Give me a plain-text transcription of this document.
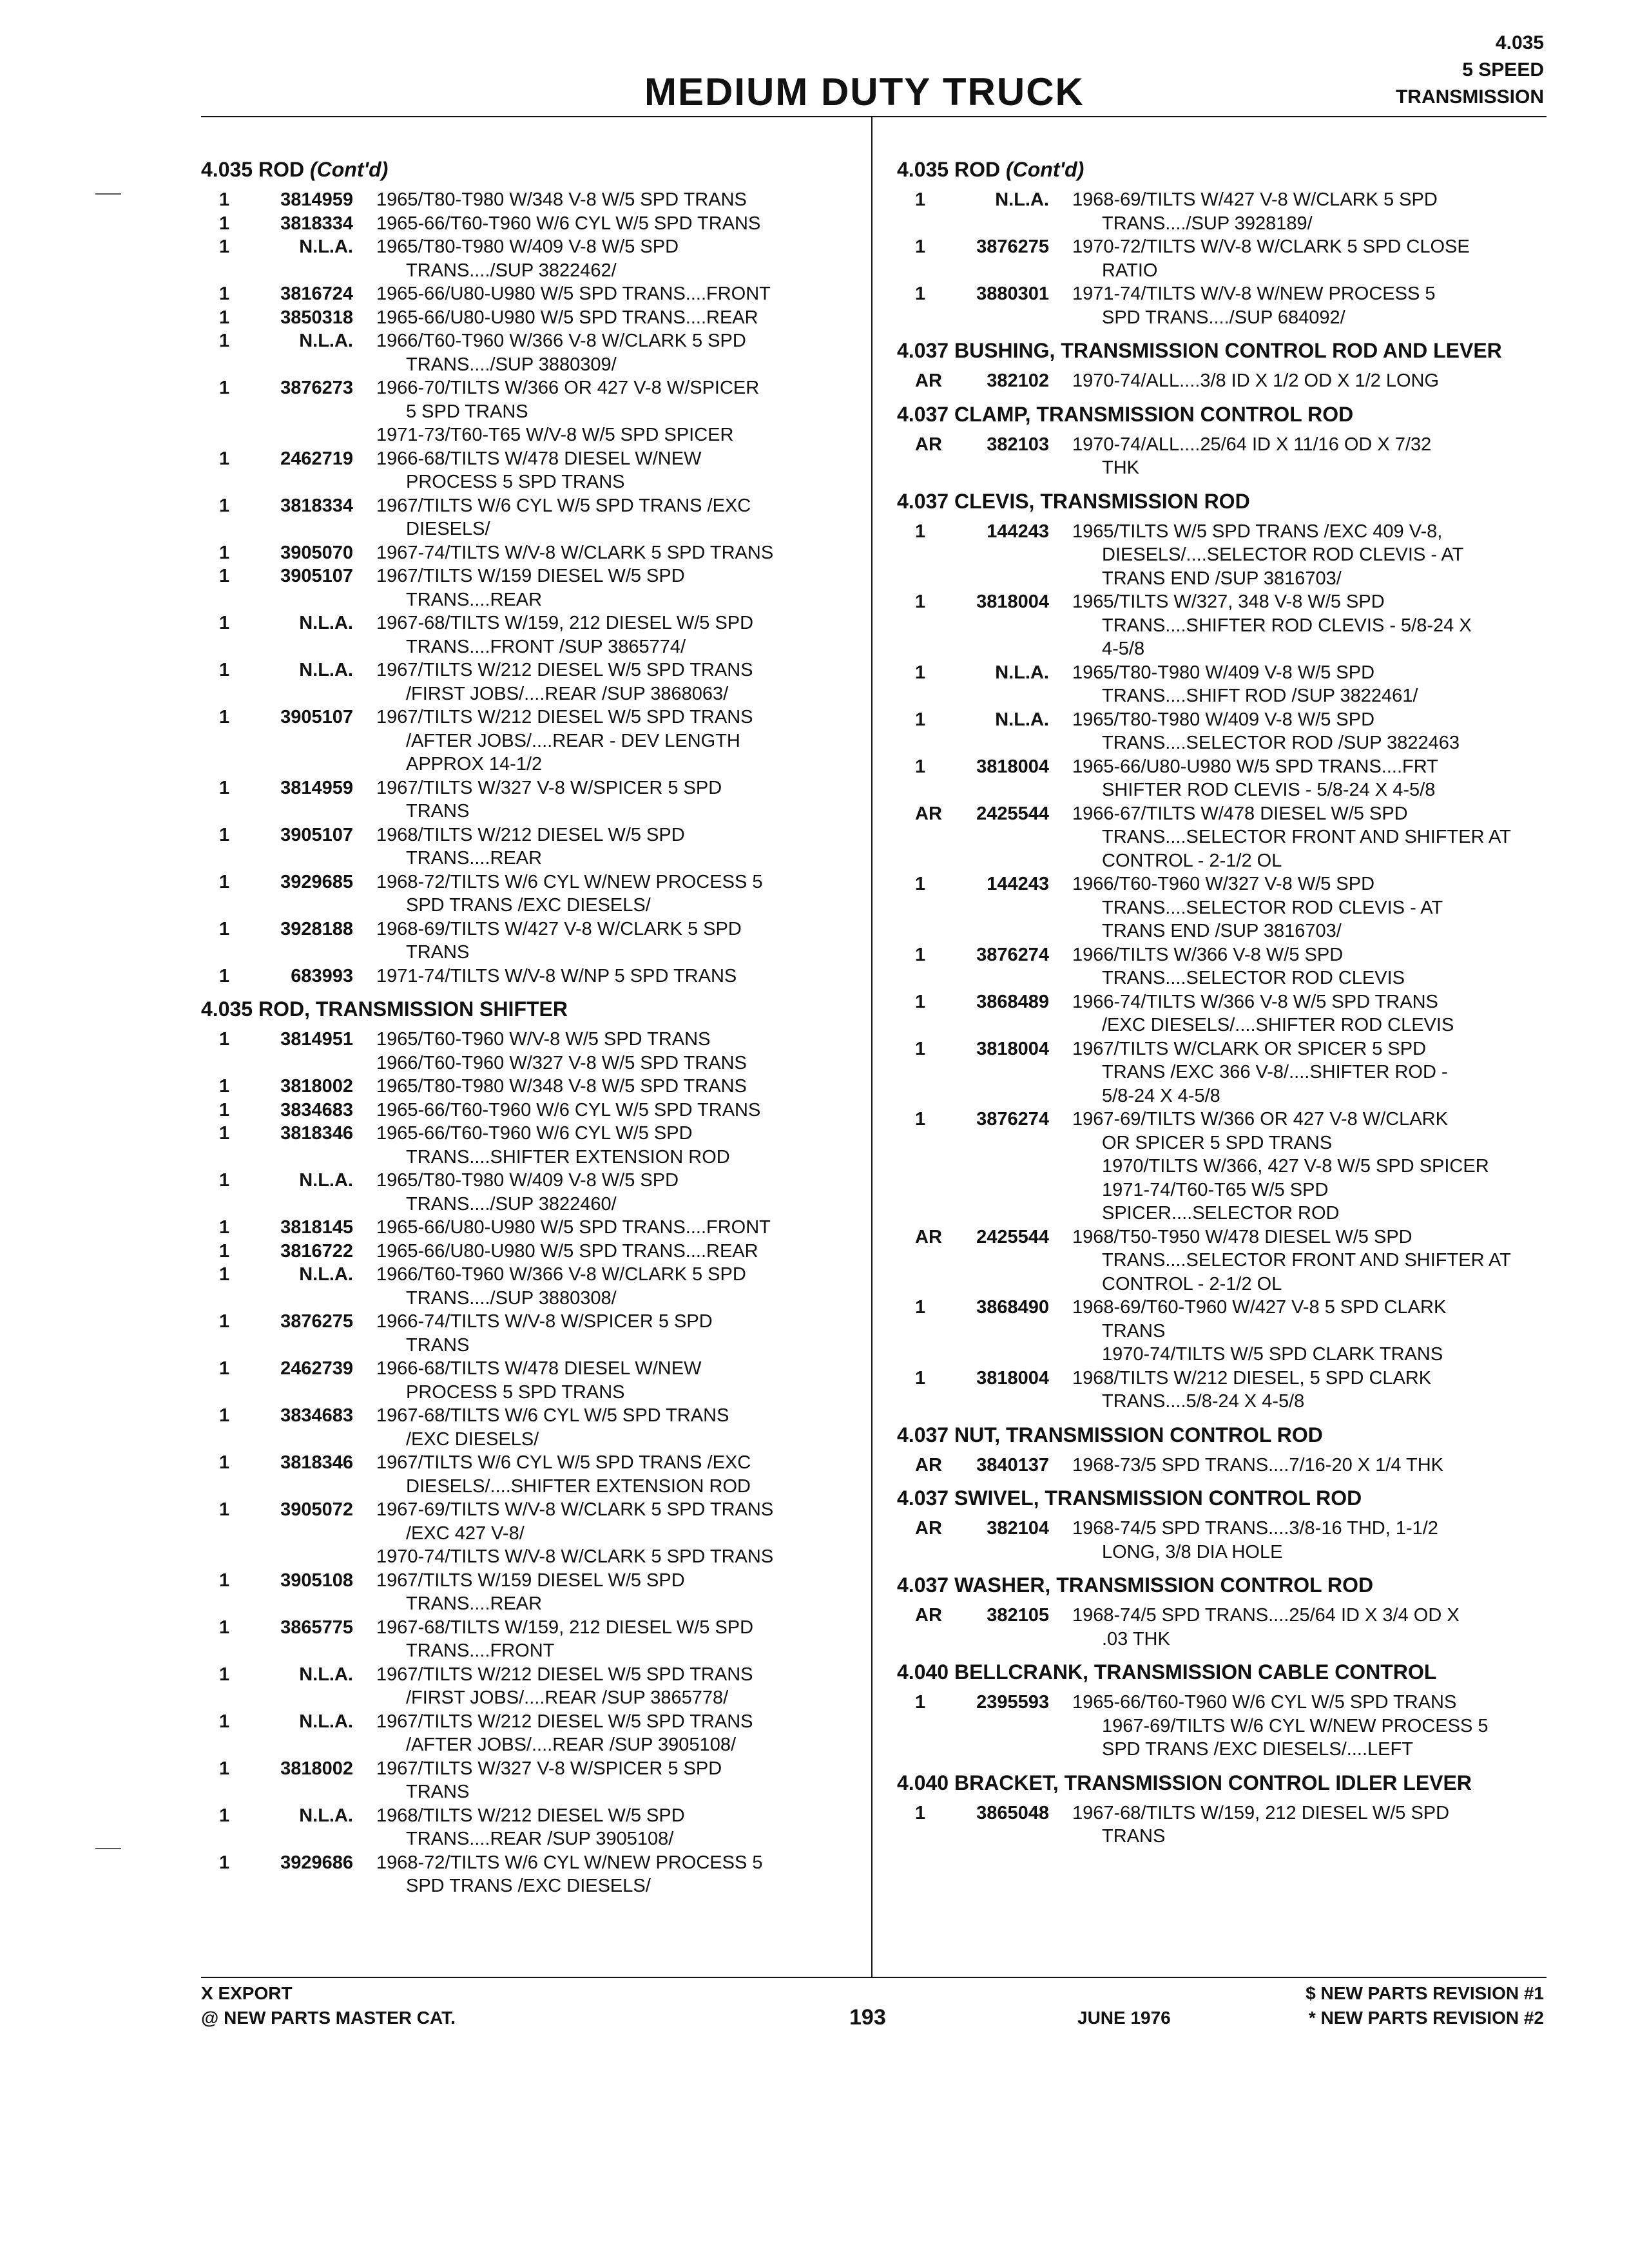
MEDIUM DUTY TRUCK
4.035
5 SPEED
TRANSMISSION
4.035 ROD (Cont'd)
1	3814959 1965/T80-T980 W/348 V-8 W/5 SPD TRANS
1	3818334 1965-66/T60-T960 W/6 CYL W/5 SPD TRANS
1	N.L.A. 1965/T80-T980 W/409 V-8 W/5 SPD
TRANS..../SUP 3822462/
1	3816724 1965-66/U80-U980 W/5 SPD TRANS....FRONT
1	3850318 1965-66/U80-U980 W/5 SPD TRANS....REAR
1	N.L.A. 1966/T60-T960 W/366 V-8 W/CLARK 5 SPD
TRANS..../SUP 3880309/
1	3876273 1966-70/TILTS W/366 OR 427 V-8 W/SPICER
5 SPD TRANS
1971-73/T60-T65 W/V-8 W/5 SPD SPICER
1	2462719 1966-68/TILTS W/478 DIESEL W/NEW
PROCESS 5 SPD TRANS
1	3818334 1967/TILTS W/6 CYL W/5 SPD TRANS /EXC
DIESELS/
1	3905070 1967-74/TILTS W/V-8 W/CLARK 5 SPD TRANS
1	3905107 1967/TILTS W/159 DIESEL W/5 SPD
TRANS....REAR
1	N.L.A. 1967-68/TILTS W/159, 212 DIESEL W/5 SPD
TRANS....FRONT /SUP 3865774/
1	N.L.A. 1967/TILTS W/212 DIESEL W/5 SPD TRANS
/FIRST JOBS/....REAR /SUP 3868063/
1	3905107 1967/TILTS W/212 DIESEL W/5 SPD TRANS
/AFTER JOBS/....REAR - DEV LENGTH
APPROX 14-1/2
1	3814959 1967/TILTS W/327 V-8 W/SPICER 5 SPD
TRANS
1	3905107 1968/TILTS W/212 DIESEL W/5 SPD
TRANS....REAR
1	3929685 1968-72/TILTS W/6 CYL W/NEW PROCESS 5
SPD TRANS /EXC DIESELS/
1	3928188 1968-69/TILTS W/427 V-8 W/CLARK 5 SPD
TRANS
1	683993 1971-74/TILTS W/V-8 W/NP 5 SPD TRANS
4.035 ROD, TRANSMISSION SHIFTER
1	3814951 1965/T60-T960 W/V-8 W/5 SPD TRANS
1966/T60-T960 W/327 V-8 W/5 SPD TRANS
1	3818002 1965/T80-T980 W/348 V-8 W/5 SPD TRANS
1	3834683 1965-66/T60-T960 W/6 CYL W/5 SPD TRANS
1	3818346 1965-66/T60-T960 W/6 CYL W/5 SPD
TRANS....SHIFTER EXTENSION ROD
1	N.L.A. 1965/T80-T980 W/409 V-8 W/5 SPD
TRANS..../SUP 3822460/
1	3818145 1965-66/U80-U980 W/5 SPD TRANS....FRONT
1	3816722 1965-66/U80-U980 W/5 SPD TRANS....REAR
1	N.L.A. 1966/T60-T960 W/366 V-8 W/CLARK 5 SPD
TRANS..../SUP 3880308/
1	3876275 1966-74/TILTS W/V-8 W/SPICER 5 SPD
TRANS
1	2462739 1966-68/TILTS W/478 DIESEL W/NEW
PROCESS 5 SPD TRANS
1	3834683 1967-68/TILTS W/6 CYL W/5 SPD TRANS
/EXC DIESELS/
1	3818346 1967/TILTS W/6 CYL W/5 SPD TRANS /EXC
DIESELS/....SHIFTER EXTENSION ROD
1	3905072 1967-69/TILTS W/V-8 W/CLARK 5 SPD TRANS
/EXC 427 V-8/
1970-74/TILTS W/V-8 W/CLARK 5 SPD TRANS
1	3905108 1967/TILTS W/159 DIESEL W/5 SPD
TRANS....REAR
1	3865775 1967-68/TILTS W/159, 212 DIESEL W/5 SPD
TRANS....FRONT
1	N.L.A. 1967/TILTS W/212 DIESEL W/5 SPD TRANS
/FIRST JOBS/....REAR /SUP 3865778/
1	N.L.A. 1967/TILTS W/212 DIESEL W/5 SPD TRANS
/AFTER JOBS/....REAR /SUP 3905108/
1	3818002 1967/TILTS W/327 V-8 W/SPICER 5 SPD
TRANS
1	N.L.A. 1968/TILTS W/212 DIESEL W/5 SPD
TRANS....REAR /SUP 3905108/
1	3929686 1968-72/TILTS W/6 CYL W/NEW PROCESS 5
SPD TRANS /EXC DIESELS/
4.035 ROD (Cont'd)
1	N.L.A. 1968-69/TILTS W/427 V-8 W/CLARK 5 SPD
TRANS..../SUP 3928189/
1	3876275 1970-72/TILTS W/V-8 W/CLARK 5 SPD CLOSE
RATIO
1	3880301 1971-74/TILTS W/V-8 W/NEW PROCESS 5
SPD TRANS..../SUP 684092/
4.037 BUSHING, TRANSMISSION CONTROL ROD AND LEVER
AR	382102 1970-74/ALL....3/8 ID X 1/2 OD X 1/2 LONG
4.037 CLAMP, TRANSMISSION CONTROL ROD
AR	382103 1970-74/ALL....25/64 ID X 11/16 OD X 7/32
THK
4.037 CLEVIS, TRANSMISSION ROD
1	144243 1965/TILTS W/5 SPD TRANS /EXC 409 V-8,
DIESELS/....SELECTOR ROD CLEVIS - AT
TRANS END /SUP 3816703/
1	3818004 1965/TILTS W/327, 348 V-8 W/5 SPD
TRANS....SHIFTER ROD CLEVIS - 5/8-24 X
4-5/8
1	N.L.A. 1965/T80-T980 W/409 V-8 W/5 SPD
TRANS....SHIFT ROD /SUP 3822461/
1	N.L.A. 1965/T80-T980 W/409 V-8 W/5 SPD
TRANS....SELECTOR ROD /SUP 3822463
1	3818004 1965-66/U80-U980 W/5 SPD TRANS....FRT
SHIFTER ROD CLEVIS - 5/8-24 X 4-5/8
AR	2425544 1966-67/TILTS W/478 DIESEL W/5 SPD
TRANS....SELECTOR FRONT AND SHIFTER AT
CONTROL - 2-1/2 OL
1	144243 1966/T60-T960 W/327 V-8 W/5 SPD
TRANS....SELECTOR ROD CLEVIS - AT
TRANS END /SUP 3816703/
1	3876274 1966/TILTS W/366 V-8 W/5 SPD
TRANS....SELECTOR ROD CLEVIS
1	3868489 1966-74/TILTS W/366 V-8 W/5 SPD TRANS
/EXC DIESELS/....SHIFTER ROD CLEVIS
1	3818004 1967/TILTS W/CLARK OR SPICER 5 SPD
TRANS /EXC 366 V-8/....SHIFTER ROD -
5/8-24 X 4-5/8
1	3876274 1967-69/TILTS W/366 OR 427 V-8 W/CLARK
OR SPICER 5 SPD TRANS
1970/TILTS W/366, 427 V-8 W/5 SPD SPICER
1971-74/T60-T65 W/5 SPD
SPICER....SELECTOR ROD
AR	2425544 1968/T50-T950 W/478 DIESEL W/5 SPD
TRANS....SELECTOR FRONT AND SHIFTER AT
CONTROL - 2-1/2 OL
1	3868490 1968-69/T60-T960 W/427 V-8 5 SPD CLARK
TRANS
1970-74/TILTS W/5 SPD CLARK TRANS
1	3818004 1968/TILTS W/212 DIESEL, 5 SPD CLARK
TRANS....5/8-24 X 4-5/8
4.037 NUT, TRANSMISSION CONTROL ROD
AR	3840137 1968-73/5 SPD TRANS....7/16-20 X 1/4 THK
4.037 SWIVEL, TRANSMISSION CONTROL ROD
AR	382104 1968-74/5 SPD TRANS....3/8-16 THD, 1-1/2
LONG, 3/8 DIA HOLE
4.037 WASHER, TRANSMISSION CONTROL ROD
AR	382105 1968-74/5 SPD TRANS....25/64 ID X 3/4 OD X
.03 THK
4.040 BELLCRANK, TRANSMISSION CABLE CONTROL
1	2395593 1965-66/T60-T960 W/6 CYL W/5 SPD TRANS
1967-69/TILTS W/6 CYL W/NEW PROCESS 5
SPD TRANS /EXC DIESELS/....LEFT
4.040 BRACKET, TRANSMISSION CONTROL IDLER LEVER
1	3865048 1967-68/TILTS W/159, 212 DIESEL W/5 SPD
TRANS
X EXPORT
@ NEW PARTS MASTER CAT.	193	JUNE 1976
$ NEW PARTS REVISION #1
* NEW PARTS REVISION #2
